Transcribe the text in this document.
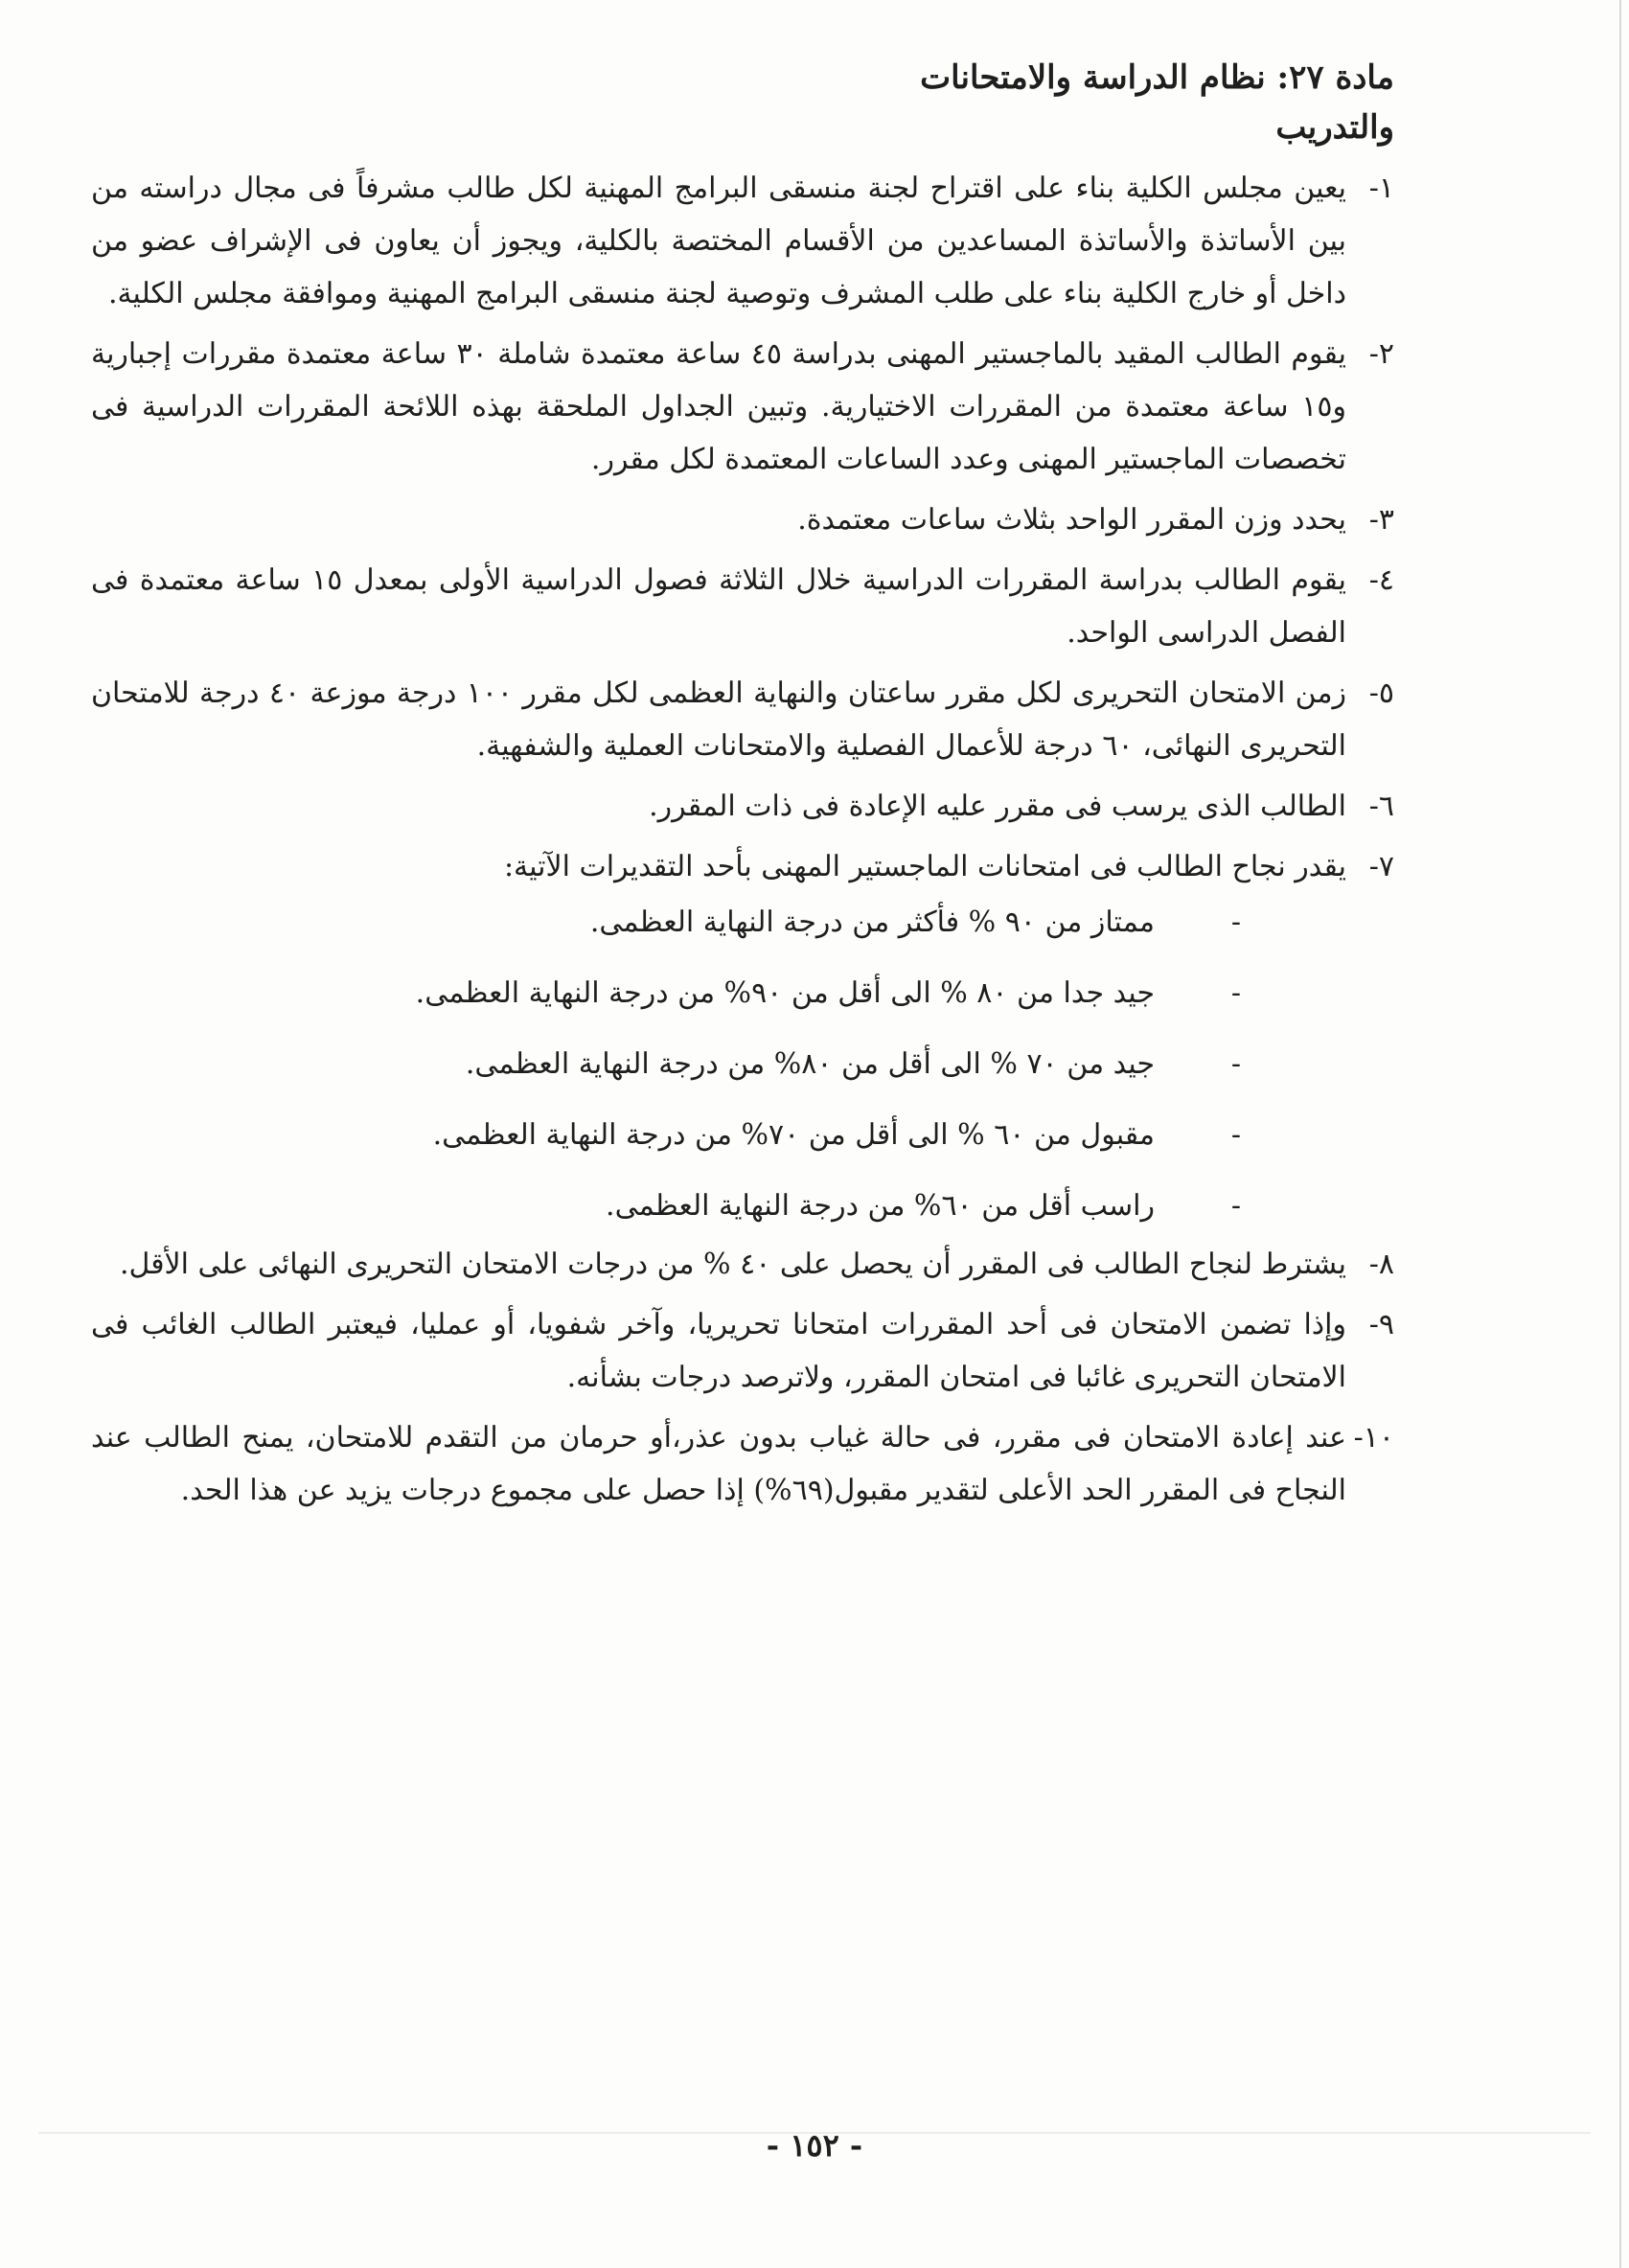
مادة ٢٧: نظام الدراسة والامتحانات
والتدريب
١-
يعين مجلس الكلية بناء على اقتراح لجنة منسقى البرامج المهنية لكل طالب مشرفاً فى مجال دراسته من بين الأساتذة والأساتذة المساعدين من الأقسام المختصة بالكلية، ويجوز أن يعاون فى الإشراف عضو من داخل أو خارج الكلية بناء على طلب المشرف وتوصية لجنة منسقى البرامج المهنية وموافقة مجلس الكلية.
٢-
يقوم الطالب المقيد بالماجستير المهنى بدراسة ٤٥ ساعة معتمدة شاملة ٣٠ ساعة معتمدة مقررات إجبارية و١٥ ساعة معتمدة من المقررات الاختيارية. وتبين الجداول الملحقة بهذه اللائحة المقررات الدراسية فى تخصصات الماجستير المهنى وعدد الساعات المعتمدة لكل مقرر.
٣-
يحدد وزن المقرر الواحد بثلاث ساعات معتمدة.
٤-
يقوم الطالب بدراسة المقررات الدراسية خلال الثلاثة فصول الدراسية الأولى بمعدل ١٥ ساعة معتمدة فى الفصل الدراسى الواحد.
٥-
زمن الامتحان التحريرى لكل مقرر ساعتان والنهاية العظمى لكل مقرر ١٠٠ درجة موزعة ٤٠ درجة للامتحان التحريرى النهائى، ٦٠ درجة للأعمال الفصلية والامتحانات العملية والشفهية.
٦-
الطالب الذى يرسب فى مقرر عليه الإعادة فى ذات المقرر.
٧-
يقدر نجاح الطالب فى امتحانات الماجستير المهنى بأحد التقديرات الآتية:
-
ممتاز من ٩٠ % فأكثر من درجة النهاية العظمى.
-
جيد جدا من ٨٠ % الى أقل من ٩٠% من درجة النهاية العظمى.
-
جيد من ٧٠ % الى أقل من ٨٠% من درجة النهاية العظمى.
-
مقبول من ٦٠ % الى أقل من ٧٠% من درجة النهاية العظمى.
-
راسب أقل من ٦٠% من درجة النهاية العظمى.
٨-
يشترط لنجاح الطالب فى المقرر أن يحصل على ٤٠ % من درجات الامتحان التحريرى النهائى على الأقل.
٩-
وإذا تضمن الامتحان فى أحد المقررات امتحانا تحريريا، وآخر شفويا، أو عمليا، فيعتبر الطالب الغائب فى الامتحان التحريرى غائبا فى امتحان المقرر، ولاترصد درجات بشأنه.
١٠-
عند إعادة الامتحان فى مقرر، فى حالة غياب بدون عذر،أو حرمان من التقدم للامتحان، يمنح الطالب عند النجاح فى المقرر الحد الأعلى لتقدير مقبول(٦٩%) إذا حصل على مجموع درجات يزيد عن هذا الحد.
- ١٥٢ -
